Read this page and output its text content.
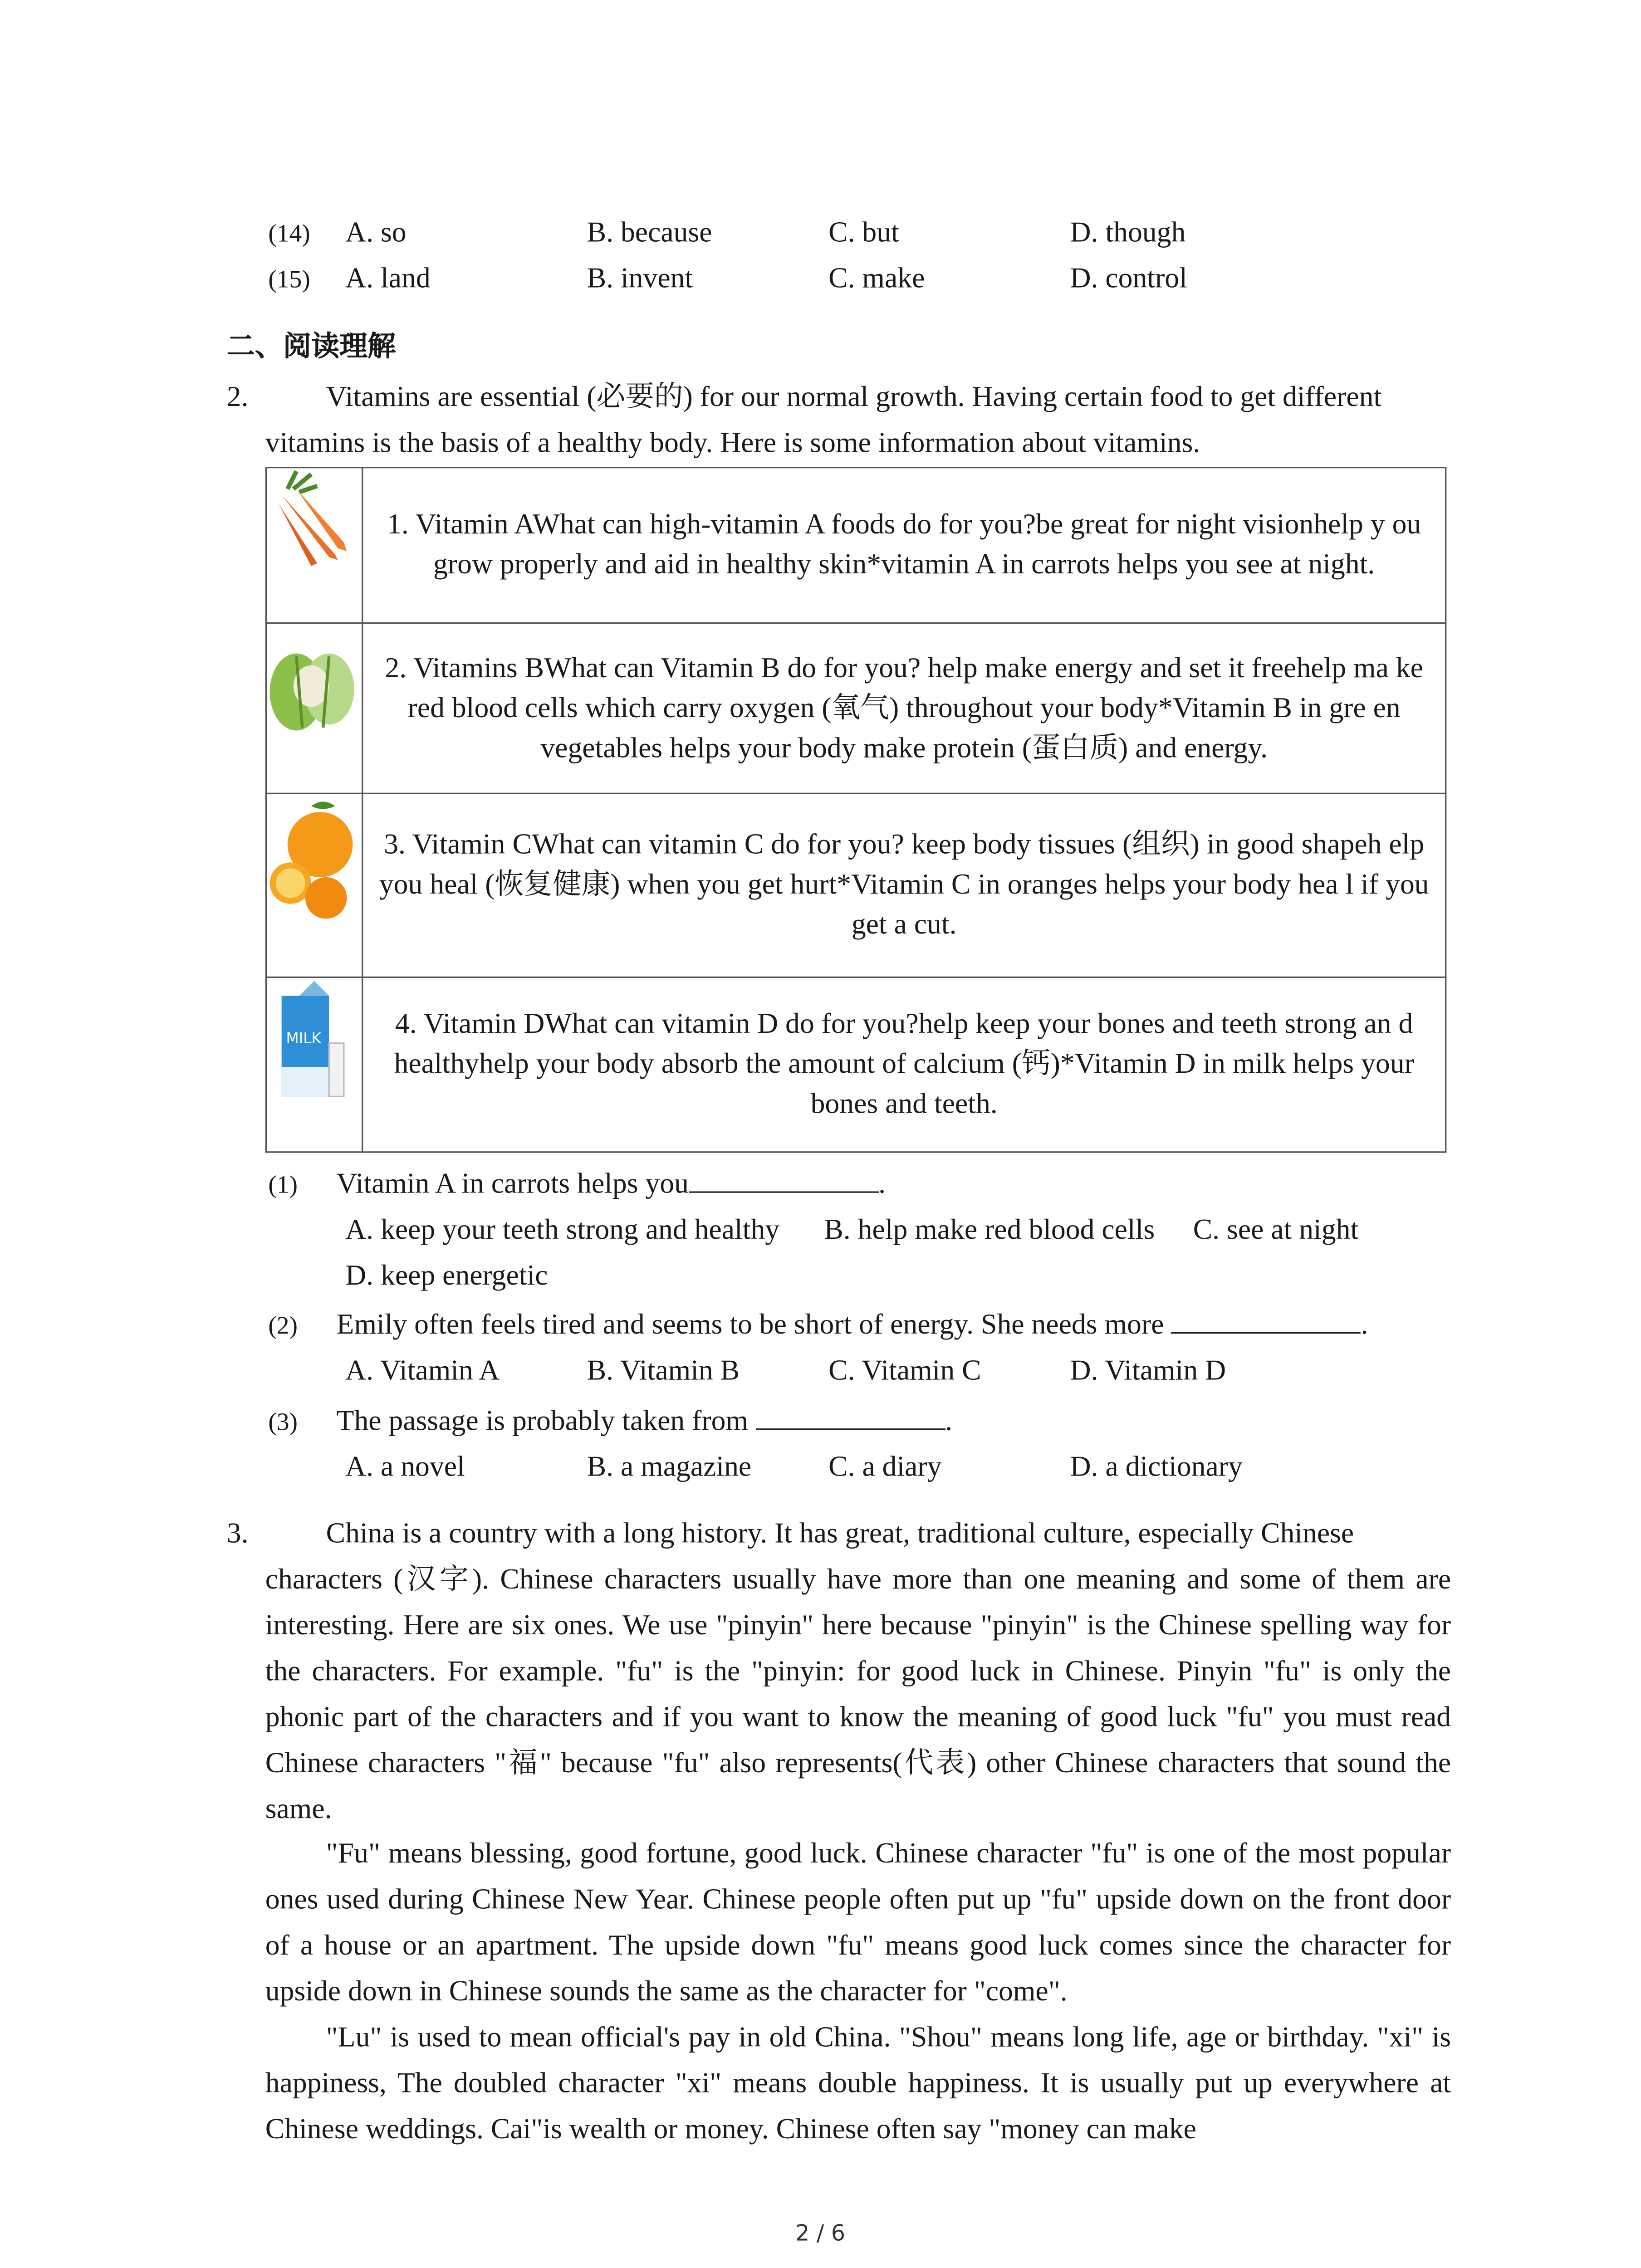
(14)	A. so	B. because	C. but	D. though
(15)	A. land	B. invent	C. make	D. control
二、阅读理解
2.	Vitamins are essential (必要的) for our normal growth. Having certain food to get different
vitamins is the basis of a healthy body. Here is some information about vitamins.
	1. Vitamin AWhat can high-vitamin A foods do for you?be great for night visionhelp y ou grow properly and aid in healthy skin*vitamin A in carrots helps you see at night.
	2. Vitamins BWhat can Vitamin B do for you? help make energy and set it freehelp ma ke red blood cells which carry oxygen (氧气) throughout your body*Vitamin B in gre en vegetables helps your body make protein (蛋白质) and energy.
	3. Vitamin CWhat can vitamin C do for you? keep body tissues (组织) in good shapeh elp you heal (恢复健康) when you get hurt*Vitamin C in oranges helps your body hea l if you get a cut.

MILK	4. Vitamin DWhat can vitamin D do for you?help keep your bones and teeth strong an d healthyhelp your body absorb the amount of calcium (钙)*Vitamin D in milk helps your bones and teeth.
(1)	Vitamin A in carrots helps you	.
A. keep your teeth strong and healthy	B. help make red blood cells	C. see at night
D. keep energetic
(2)	Emily often feels tired and seems to be short of energy. She needs more	.
A. Vitamin A	B. Vitamin B	C. Vitamin C	D. Vitamin D
(3)	The passage is probably taken from	.
A. a novel	B. a magazine	C. a diary	D. a dictionary
3.	China is a country with a long history. It has great, traditional culture, especially Chinese
characters (汉字). Chinese characters usually have more than one meaning and some of them are interesting. Here are six ones. We use "pinyin" here because "pinyin" is the Chinese spelling way for the characters. For example. "fu" is the "pinyin: for good luck in Chinese. Pinyin "fu" is only the phonic part of the characters and if you want to know the meaning of good luck "fu" you must read Chinese characters "福" because "fu" also represents(代表) other Chinese characters that sound the same.
"Fu" means blessing, good fortune, good luck. Chinese character "fu" is one of the most popular ones used during Chinese New Year. Chinese people often put up "fu" upside down on the front door of a house or an apartment. The upside down "fu" means good luck comes since the character for upside down in Chinese sounds the same as the character for "come".
"Lu" is used to mean official's pay in old China. "Shou" means long life, age or birthday. "xi" is happiness, The doubled character "xi" means double happiness. It is usually put up everywhere at Chinese weddings. Cai"is wealth or money. Chinese often say "money can make
2 / 6
